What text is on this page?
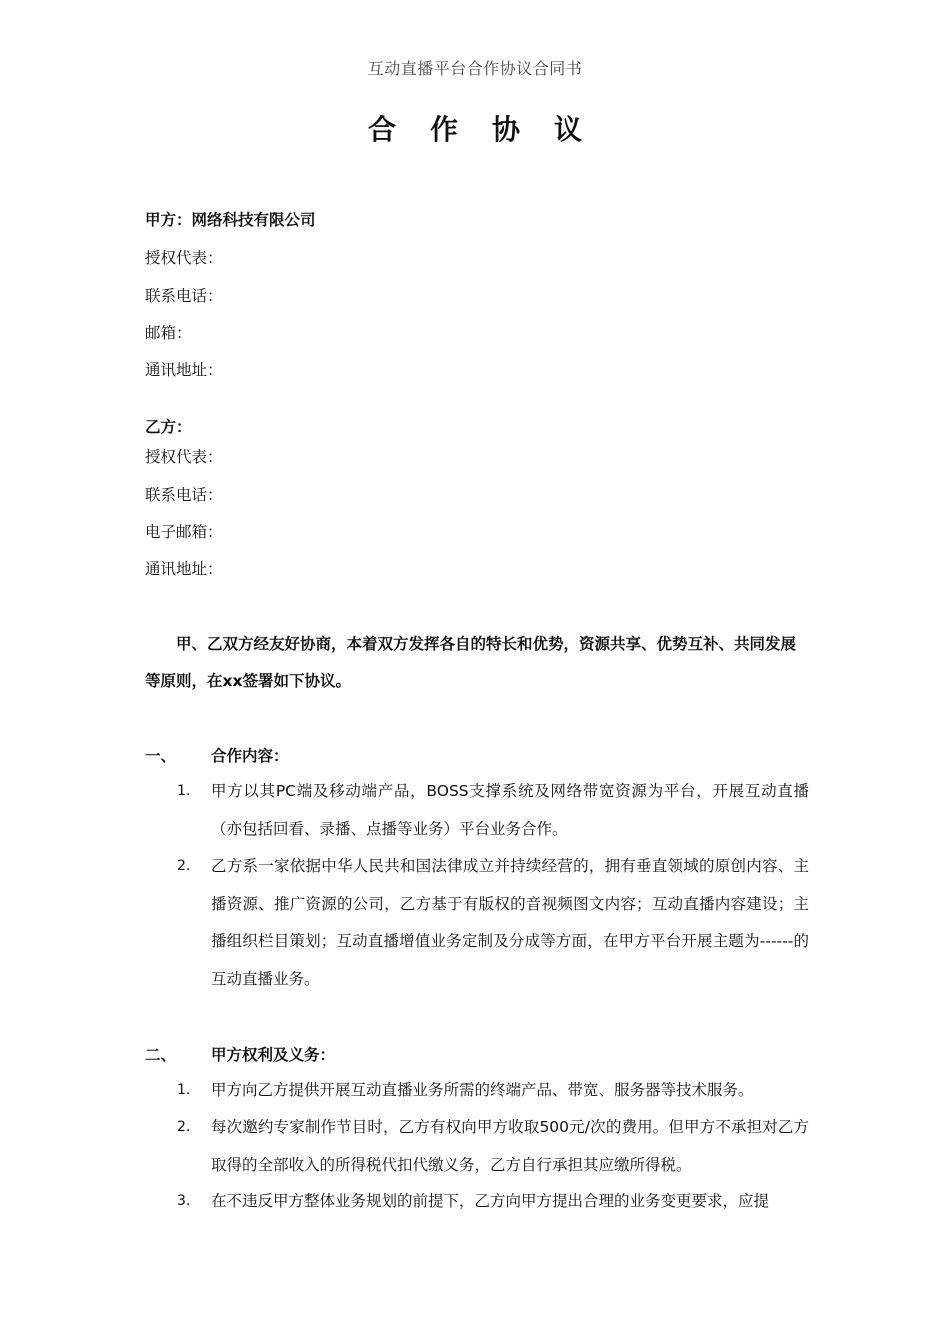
互动直播平台合作协议合同书
合作协议
甲方：网络科技有限公司
授权代表：
联系电话：
邮箱：
通讯地址：
乙方：
授权代表：
联系电话：
电子邮箱：
通讯地址：
甲、乙双方经友好协商，本着双方发挥各自的特长和优势，资源共享、优势互补、共同发展等原则，在xx签署如下协议。
一、 合作内容：
1. 甲方以其PC端及移动端产品，BOSS支撑系统及网络带宽资源为平台，开展互动直播（亦包括回看、录播、点播等业务）平台业务合作。
2. 乙方系一家依据中华人民共和国法律成立并持续经营的，拥有垂直领域的原创内容、主播资源、推广资源的公司，乙方基于有版权的音视频图文内容；互动直播内容建设；主播组织栏目策划；互动直播增值业务定制及分成等方面，在甲方平台开展主题为------的互动直播业务。
二、 甲方权利及义务：
1. 甲方向乙方提供开展互动直播业务所需的终端产品、带宽、服务器等技术服务。
2. 每次邀约专家制作节目时，乙方有权向甲方收取500元/次的费用。但甲方不承担对乙方取得的全部收入的所得税代扣代缴义务，乙方自行承担其应缴所得税。
3. 在不违反甲方整体业务规划的前提下，乙方向甲方提出合理的业务变更要求，应提
